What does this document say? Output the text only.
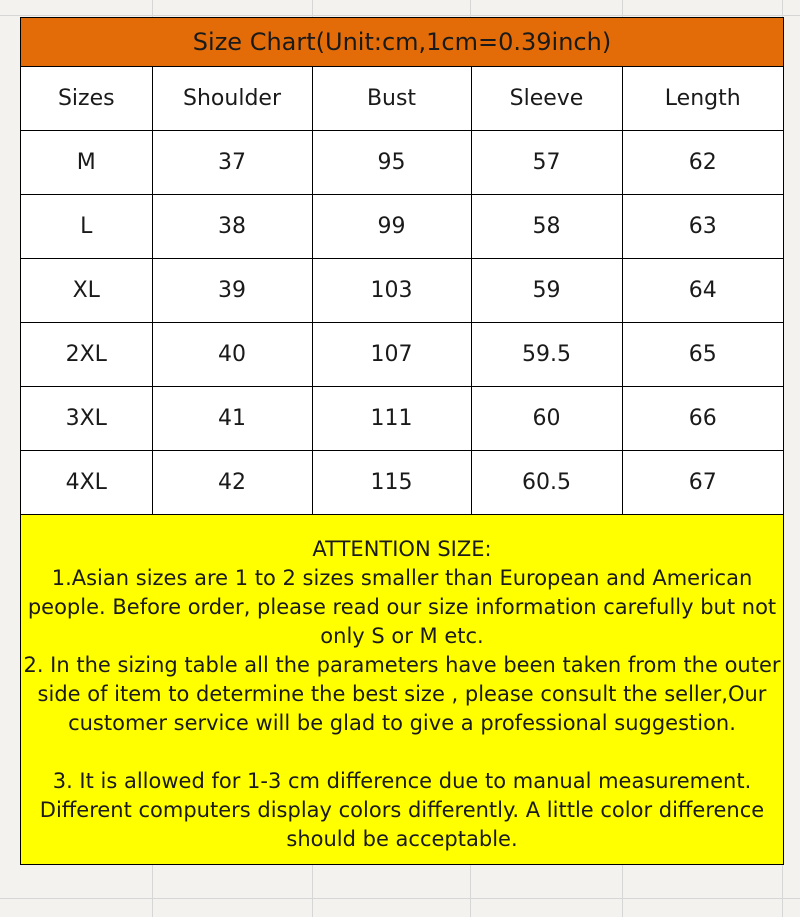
Size Chart(Unit:cm,1cm=0.39inch)
Sizes	Shoulder	Bust	Sleeve	Length
M	37	95	57	62
L	38	99	58	63
XL	39	103	59	64
2XL	40	107	59.5	65
3XL	41	111	60	66
4XL	42	115	60.5	67

ATTENTION SIZE:

1.Asian sizes are 1 to 2 sizes smaller than European and American people. Before order, please read our size information carefully but not only S or M etc.

2. In the sizing table all the parameters have been taken from the outer side of item to determine the best size , please consult the seller,Our customer service will be glad to give a professional suggestion.

3. It is allowed for 1-3 cm difference due to manual measurement. Different computers display colors differently. A little color difference should be acceptable.
